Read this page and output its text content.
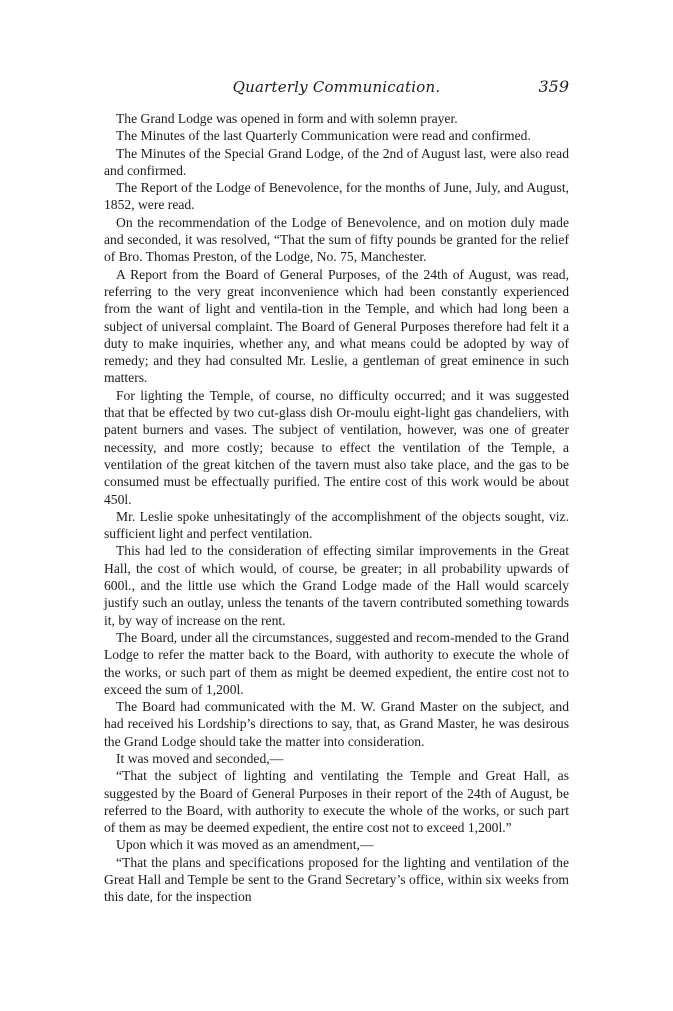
Quarterly Communication.	359

The Grand Lodge was opened in form and with solemn prayer.

The Minutes of the last Quarterly Communication were read and confirmed.

The Minutes of the Special Grand Lodge, of the 2nd of August last, were also read and confirmed.

The Report of the Lodge of Benevolence, for the months of June, July, and August, 1852, were read.

On the recommendation of the Lodge of Benevolence, and on motion duly made and seconded, it was resolved, “That the sum of fifty pounds be granted for the relief of Bro. Thomas Preston, of the Lodge, No. 75, Manchester.

A Report from the Board of General Purposes, of the 24th of August, was read, referring to the very great inconvenience which had been constantly experienced from the want of light and ventila-tion in the Temple, and which had long been a subject of universal complaint. The Board of General Purposes therefore had felt it a duty to make inquiries, whether any, and what means could be adopted by way of remedy; and they had consulted Mr. Leslie, a gentleman of great eminence in such matters.

For lighting the Temple, of course, no difficulty occurred; and it was suggested that that be effected by two cut-glass dish Or-moulu eight-light gas chandeliers, with patent burners and vases. The subject of ventilation, however, was one of greater necessity, and more costly; because to effect the ventilation of the Temple, a ventilation of the great kitchen of the tavern must also take place, and the gas to be consumed must be effectually purified. The entire cost of this work would be about 450l.

Mr. Leslie spoke unhesitatingly of the accomplishment of the objects sought, viz. sufficient light and perfect ventilation.

This had led to the consideration of effecting similar improvements in the Great Hall, the cost of which would, of course, be greater; in all probability upwards of 600l., and the little use which the Grand Lodge made of the Hall would scarcely justify such an outlay, unless the tenants of the tavern contributed something towards it, by way of increase on the rent.

The Board, under all the circumstances, suggested and recom-mended to the Grand Lodge to refer the matter back to the Board, with authority to execute the whole of the works, or such part of them as might be deemed expedient, the entire cost not to exceed the sum of 1,200l.

The Board had communicated with the M. W. Grand Master on the subject, and had received his Lordship’s directions to say, that, as Grand Master, he was desirous the Grand Lodge should take the matter into consideration.

It was moved and seconded,—

“That the subject of lighting and ventilating the Temple and Great Hall, as suggested by the Board of General Purposes in their report of the 24th of August, be referred to the Board, with authority to execute the whole of the works, or such part of them as may be deemed expedient, the entire cost not to exceed 1,200l.”

Upon which it was moved as an amendment,—

“That the plans and specifications proposed for the lighting and ventilation of the Great Hall and Temple be sent to the Grand Secretary’s office, within six weeks from this date, for the inspection
